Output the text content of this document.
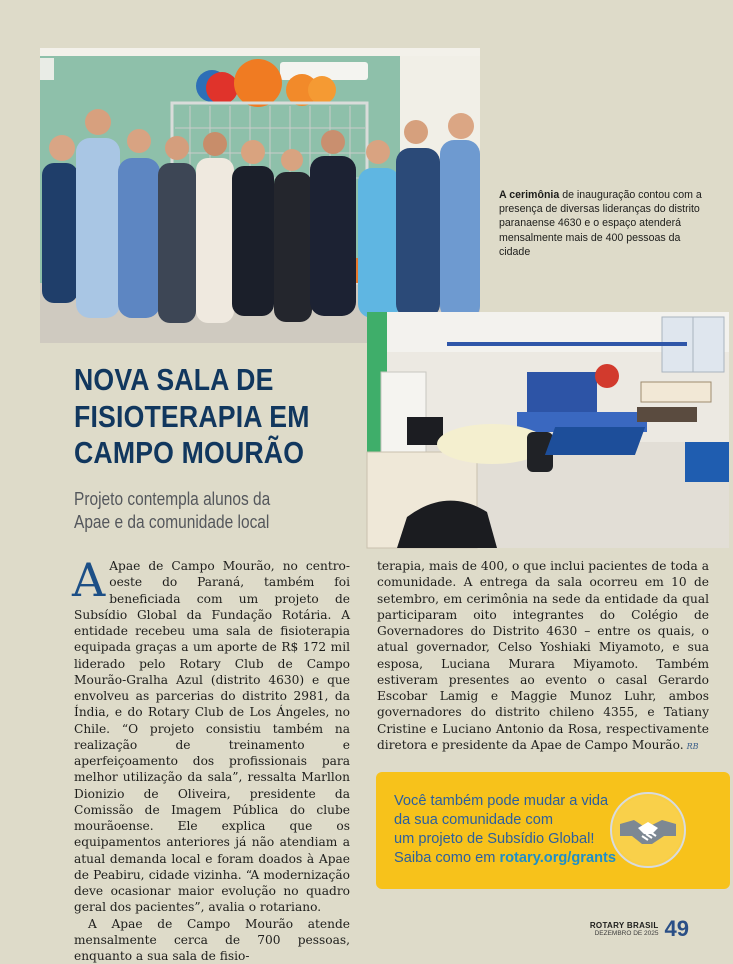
A cerimônia de inauguração contou com a presença de diversas lideranças do distrito paranaense 4630 e o espaço atenderá mensalmente mais de 400 pessoas da cidade
NOVA SALA DE
FISIOTERAPIA EM
CAMPO MOURÃO
Projeto contempla alunos da
Apae e da comunidade local

A Apae de Campo Mourão, no centro-oeste do Paraná, também foi beneficiada com um projeto de Subsídio Global da Fundação Rotária. A entidade recebeu uma sala de fisioterapia equipada graças a um aporte de R$ 172 mil liderado pelo Rotary Club de Campo Mourão-Gralha Azul (distrito 4630) e que envolveu as parcerias do distrito 2981, da Índia, e do Rotary Club de Los Ángeles, no Chile. “O projeto consistiu também na realização de treinamento e aperfeiçoamento dos profissionais para melhor utilização da sala”, ressalta Marllon Dionizio de Oliveira, presidente da Comissão de Imagem Pública do clube mourãoense. Ele explica que os equipamentos anteriores já não atendiam a atual demanda local e foram doados à Apae de Peabiru, cidade vizinha. “A modernização deve ocasionar maior evolução no quadro geral dos pacientes”, avalia o rotariano.

A Apae de Campo Mourão atende mensalmente cerca de 700 pessoas, enquanto a sua sala de fisio-

terapia, mais de 400, o que inclui pacientes de toda a comunidade. A entrega da sala ocorreu em 10 de setembro, em cerimônia na sede da entidade da qual participaram oito integrantes do Colégio de Governadores do Distrito 4630 – entre os quais, o atual governador, Celso Yoshiaki Miyamoto, e sua esposa, Luciana Murara Miyamoto. Também estiveram presentes ao evento o casal Gerardo Escobar Lamig e Maggie Munoz Luhr, ambos governadores do distrito chileno 4355, e Tatiany Cristine e Luciano Antonio da Rosa, respectivamente diretora e presidente da Apae de Campo Mourão. RB

Você também pode mudar a vida
da sua comunidade com
um projeto de Subsídio Global!
Saiba como em rotary.org/grants
ROTARY BRASIL
DEZEMBRO DE 2025 49
